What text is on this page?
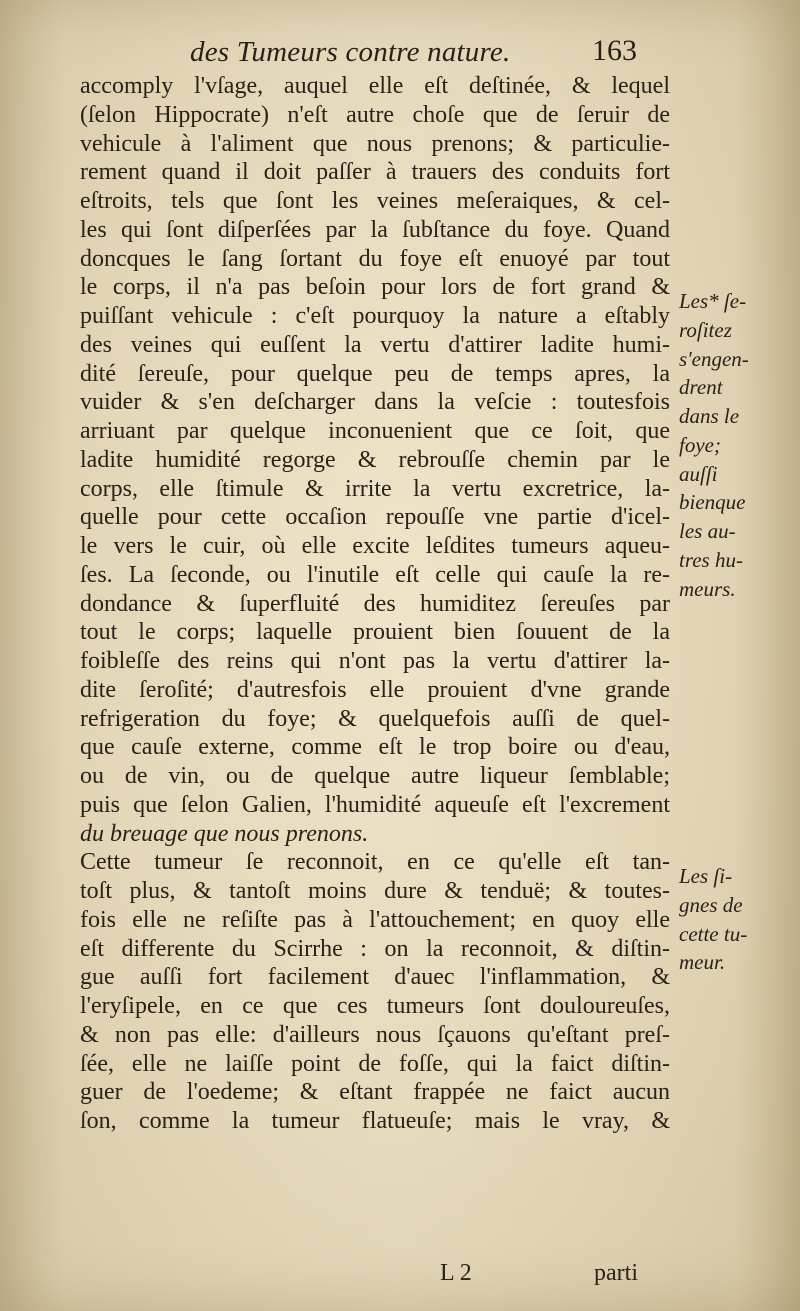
des Tumeurs contre nature.	163
accomply l'vſage, auquel elle eſt deſtinée, & lequel
(ſelon Hippocrate) n'eſt autre choſe que de ſeruir de
vehicule à l'aliment que nous prenons; & particulie-
rement quand il doit paſſer à trauers des conduits fort
eſtroits, tels que ſont les veines meſeraiques, & cel-
les qui ſont diſperſées par la ſubſtance du foye. Quand
doncques le ſang ſortant du foye eſt enuoyé par tout
le corps, il n'a pas beſoin pour lors de fort grand &
puiſſant vehicule : c'eſt pourquoy la nature a eſtably
des veines qui euſſent la vertu d'attirer ladite humi-
dité ſereuſe, pour quelque peu de temps apres, la
vuider & s'en deſcharger dans la veſcie : toutesfois
arriuant par quelque inconuenient que ce ſoit, que
ladite humidité regorge & rebrouſſe chemin par le
corps, elle ſtimule & irrite la vertu excretrice, la-
quelle pour cette occaſion repouſſe vne partie d'icel-
le vers le cuir, où elle excite leſdites tumeurs aqueu-
ſes. La ſeconde, ou l'inutile eſt celle qui cauſe la re-
dondance & ſuperfluité des humiditez ſereuſes par
tout le corps; laquelle prouient bien ſouuent de la
foibleſſe des reins qui n'ont pas la vertu d'attirer la-
dite ſeroſité; d'autresfois elle prouient d'vne grande
refrigeration du foye; & quelquefois auſſi de quel-
que cauſe externe, comme eſt le trop boire ou d'eau,
ou de vin, ou de quelque autre liqueur ſemblable;
puis que ſelon Galien, l'humidité aqueuſe eſt l'excrement
du breuage que nous prenons.
Cette tumeur ſe reconnoit, en ce qu'elle eſt tan-
toſt plus, & tantoſt moins dure & tenduë; & toutes-
fois elle ne reſiſte pas à l'attouchement; en quoy elle
eſt differente du Scirrhe : on la reconnoit, & diſtin-
gue auſſi fort facilement d'auec l'inflammation, &
l'eryſipele, en ce que ces tumeurs ſont douloureuſes,
& non pas elle: d'ailleurs nous ſçauons qu'eſtant preſ-
ſée, elle ne laiſſe point de foſſe, qui la faict diſtin-
guer de l'oedeme; & eſtant frappée ne faict aucun
ſon, comme la tumeur flatueuſe; mais le vray, &
Les* ſe-
roſitez
s'engen-
drent
dans le
foye;
auſſi
bienque
les au-
tres hu-
meurs.
Les ſi-
gnes de
cette tu-
meur.
L 2	parti
